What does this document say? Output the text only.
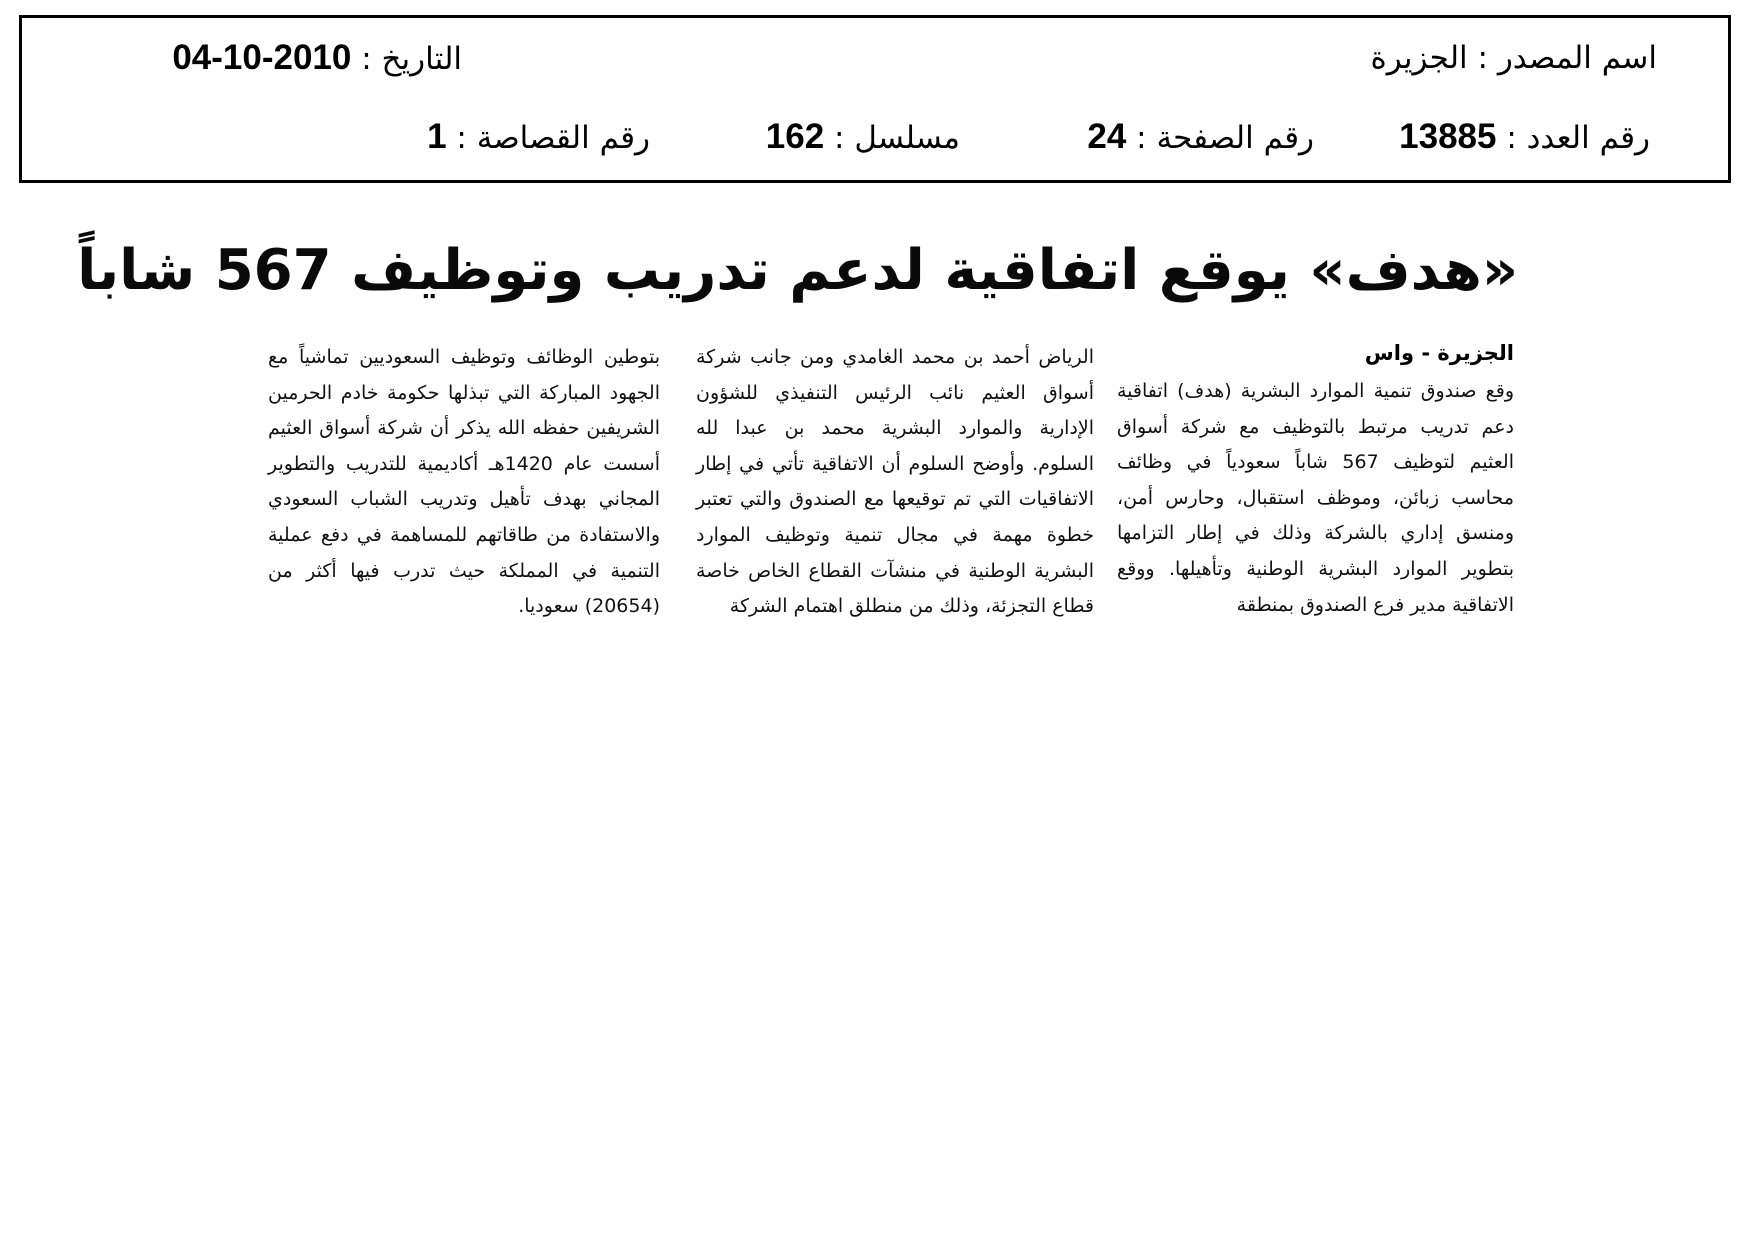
اسم المصدر : الجزيرة
التاريخ : 2010-10-04
رقم العدد : 13885
رقم الصفحة : 24
مسلسل : 162
رقم القصاصة : 1
«هدف» يوقع اتفاقية لدعم تدريب وتوظيف 567 شاباً
الجزيرة - واس

وقع صندوق تنمية الموارد البشرية (هدف) اتفاقية دعم تدريب مرتبط بالتوظيف مع شركة أسواق العثيم لتوظيف 567 شاباً سعودياً في وظائف محاسب زبائن، وموظف استقبال، وحارس أمن، ومنسق إداري بالشركة وذلك في إطار التزامها بتطوير الموارد البشرية الوطنية وتأهيلها. ووقع الاتفاقية مدير فرع الصندوق بمنطقة

الرياض أحمد بن محمد الغامدي ومن جانب شركة أسواق العثيم نائب الرئيس التنفيذي للشؤون الإدارية والموارد البشرية محمد بن عبدا لله السلوم. وأوضح السلوم أن الاتفاقية تأتي في إطار الاتفاقيات التي تم توقيعها مع الصندوق والتي تعتبر خطوة مهمة في مجال تنمية وتوظيف الموارد البشرية الوطنية في منشآت القطاع الخاص خاصة قطاع التجزئة، وذلك من منطلق اهتمام الشركة

بتوطين الوظائف وتوظيف السعوديين تماشياً مع الجهود المباركة التي تبذلها حكومة خادم الحرمين الشريفين حفظه الله يذكر أن شركة أسواق العثيم أسست عام 1420هـ أكاديمية للتدريب والتطوير المجاني بهدف تأهيل وتدريب الشباب السعودي والاستفادة من طاقاتهم للمساهمة في دفع عملية التنمية في المملكة حيث تدرب فيها أكثر من (20654) سعوديا.
